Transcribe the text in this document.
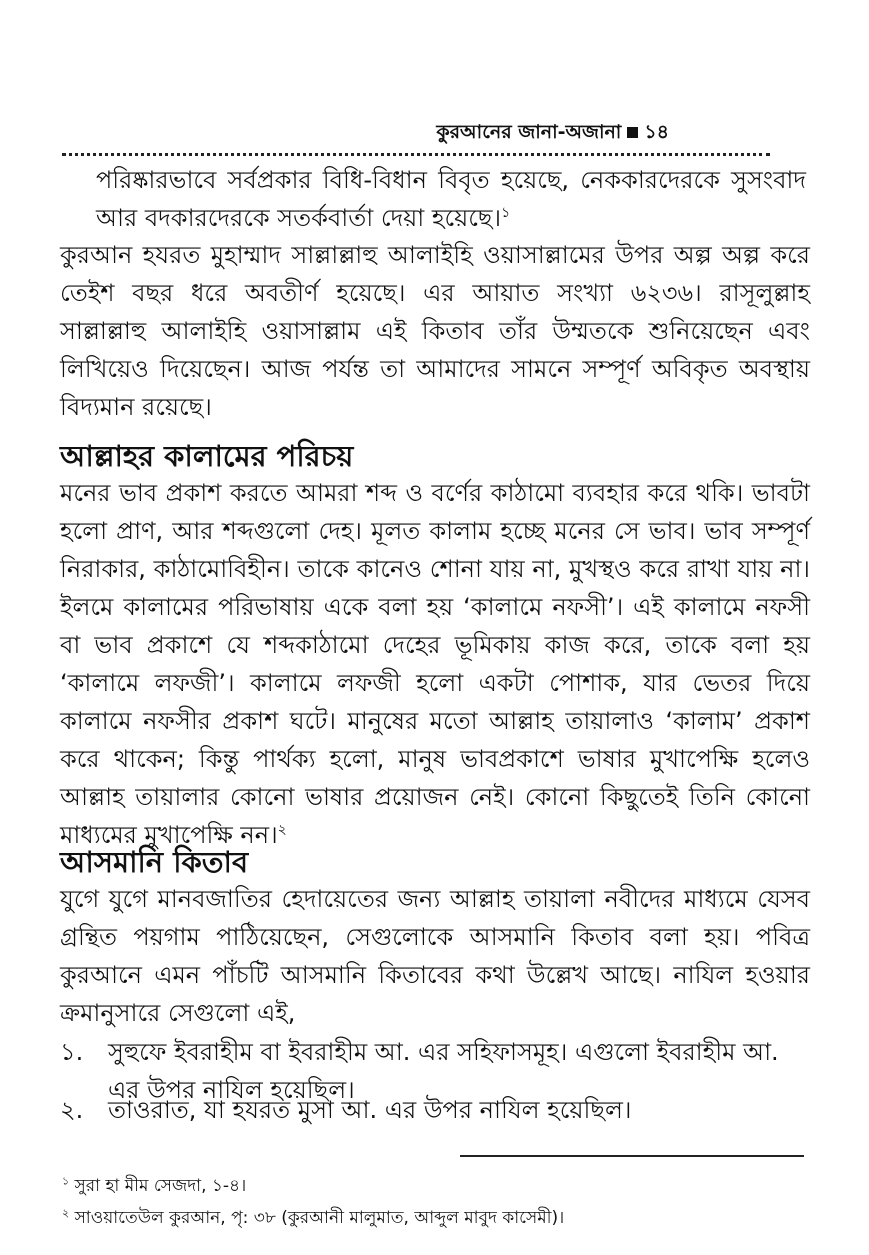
কুরআনের জানা-অজানা ১৪
পরিষ্কারভাবে সর্বপ্রকার বিধি-বিধান বিবৃত হয়েছে, নেককারদেরকে সুসংবাদ আর বদকারদেরকে সতর্কবার্তা দেয়া হয়েছে।$^১$
কুরআন হযরত মুহাম্মাদ সাল্লাল্লাহু আলাইহি ওয়াসাল্লামের উপর অল্প অল্প করে তেইশ বছর ধরে অবতীর্ণ হয়েছে। এর আয়াত সংখ্যা ৬২৩৬। রাসূলুল্লাহ সাল্লাল্লাহু আলাইহি ওয়াসাল্লাম এই কিতাব তাঁর উম্মতকে শুনিয়েছেন এবং লিখিয়েও দিয়েছেন। আজ পর্যন্ত তা আমাদের সামনে সম্পূর্ণ অবিকৃত অবস্থায় বিদ্যমান রয়েছে।
আল্লাহর কালামের পরিচয়
মনের ভাব প্রকাশ করতে আমরা শব্দ ও বর্ণের কাঠামো ব্যবহার করে থকি। ভাবটা হলো প্রাণ, আর শব্দগুলো দেহ। মূলত কালাম হচ্ছে মনের সে ভাব। ভাব সম্পূর্ণ নিরাকার, কাঠামোবিহীন। তাকে কানেও শোনা যায় না, মুখস্থও করে রাখা যায় না। ইলমে কালামের পরিভাষায় একে বলা হয় ‘কালামে নফসী’। এই কালামে নফসী বা ভাব প্রকাশে যে শব্দকাঠামো দেহের ভূমিকায় কাজ করে, তাকে বলা হয় ‘কালামে লফজী’। কালামে লফজী হলো একটা পোশাক, যার ভেতর দিয়ে কালামে নফসীর প্রকাশ ঘটে। মানুষের মতো আল্লাহ তায়ালাও ‘কালাম’ প্রকাশ করে থাকেন; কিন্তু পার্থক্য হলো, মানুষ ভাবপ্রকাশে ভাষার মুখাপেক্ষি হলেও আল্লাহ তায়ালার কোনো ভাষার প্রয়োজন নেই। কোনো কিছুতেই তিনি কোনো মাধ্যমের মুখাপেক্ষি নন।$^২$
আসমানি কিতাব
যুগে যুগে মানবজাতির হেদায়েতের জন্য আল্লাহ তায়ালা নবীদের মাধ্যমে যেসব গ্রন্থিত পয়গাম পাঠিয়েছেন, সেগুলোকে আসমানি কিতাব বলা হয়। পবিত্র কুরআনে এমন পাঁচটি আসমানি কিতাবের কথা উল্লেখ আছে। নাযিল হওয়ার ক্রমানুসারে সেগুলো এই,
১. সুহুফে ইবরাহীম বা ইবরাহীম আ. এর সহিফাসমূহ। এগুলো ইবরাহীম আ. এর উপর নাযিল হয়েছিল।
২. তাওরাত, যা হযরত মুসা আ. এর উপর নাযিল হয়েছিল।
$^১$ সুরা হা মীম সেজদা, ১-৪।
$^২$ সাওয়াতেউল কুরআন, পৃ: ৩৮ (কুরআনী মালুমাত, আব্দুল মাবুদ কাসেমী)।
